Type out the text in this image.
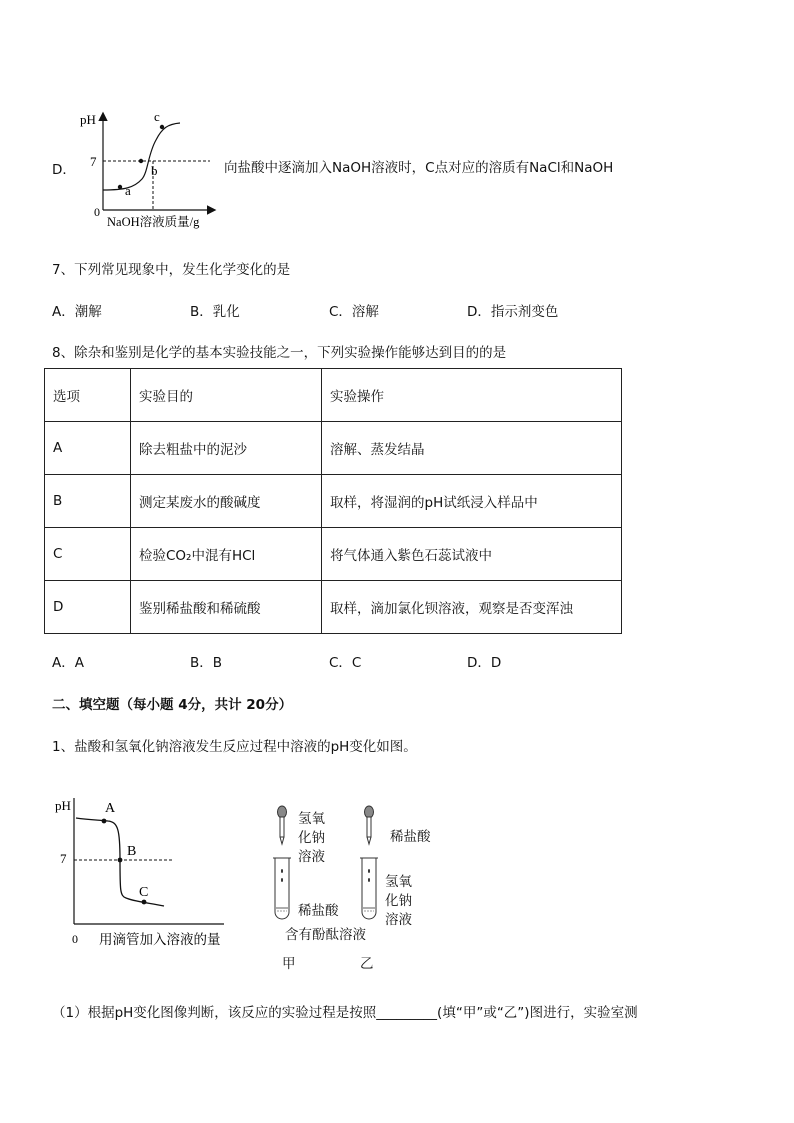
D．
pH
7
0
a
b
c
NaOH溶液质量/g
向盐酸中逐滴加入NaOH溶液时，C点对应的溶质有NaCl和NaOH
7、下列常见现象中，发生化学变化的是
A．潮解	B．乳化	C．溶解	D．指示剂变色
8、除杂和鉴别是化学的基本实验技能之一，下列实验操作能够达到目的的是
选项	实验目的	实验操作
A	除去粗盐中的泥沙	溶解、蒸发结晶
B	测定某废水的酸碱度	取样，将湿润的pH试纸浸入样品中
C	检验CO₂中混有HCl	将气体通入紫色石蕊试液中
D	鉴别稀盐酸和稀硫酸	取样，滴加氯化钡溶液，观察是否变浑浊
A．A	B．B	C．C	D．D
二、填空题（每小题 4分，共计 20分）
1、盐酸和氢氧化钠溶液发生反应过程中溶液的pH变化如图。
pH
7
0
A
B
C
用滴管加入溶液的量
氢氧
化钠
溶液
稀盐酸
含有酚酞溶液
甲
稀盐酸
氢氧
化钠
溶液
乙
（1）根据pH变化图像判断，该反应的实验过程是按照_________(填“甲”或“乙”)图进行，实验室测
